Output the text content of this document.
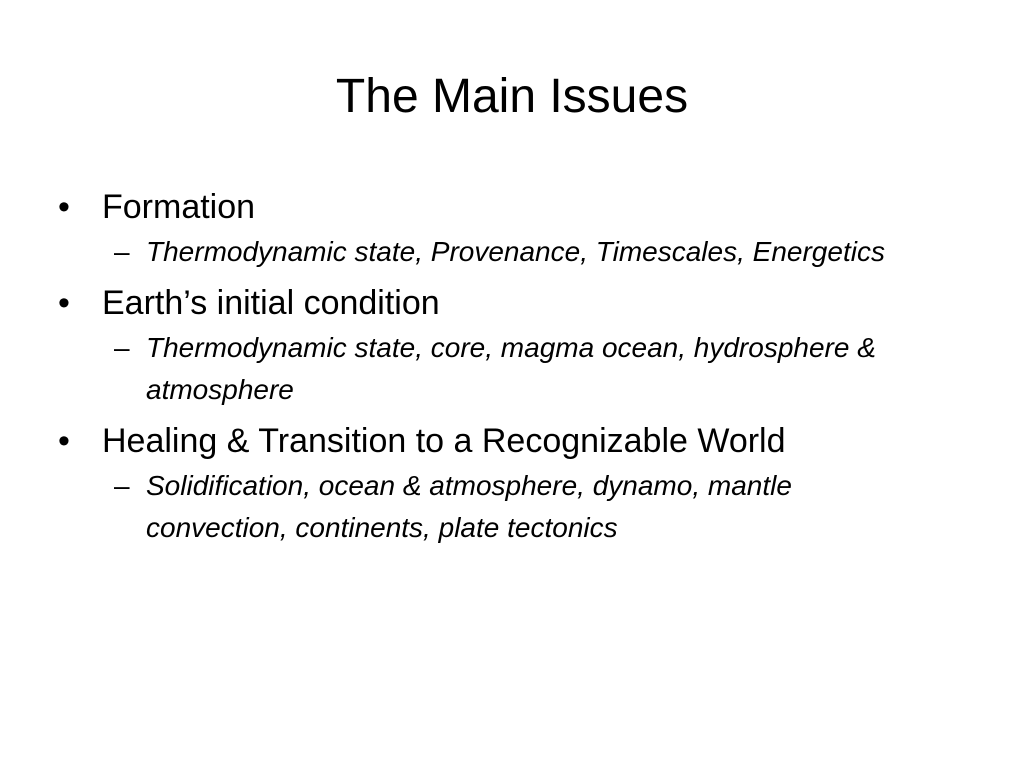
The Main Issues

• Formation

– Thermodynamic state, Provenance, Timescales, Energetics

• Earth’s initial condition

– Thermodynamic state, core, magma ocean, hydrosphere & atmosphere

• Healing & Transition to a Recognizable World

– Solidification, ocean & atmosphere, dynamo, mantle convection, continents, plate tectonics
